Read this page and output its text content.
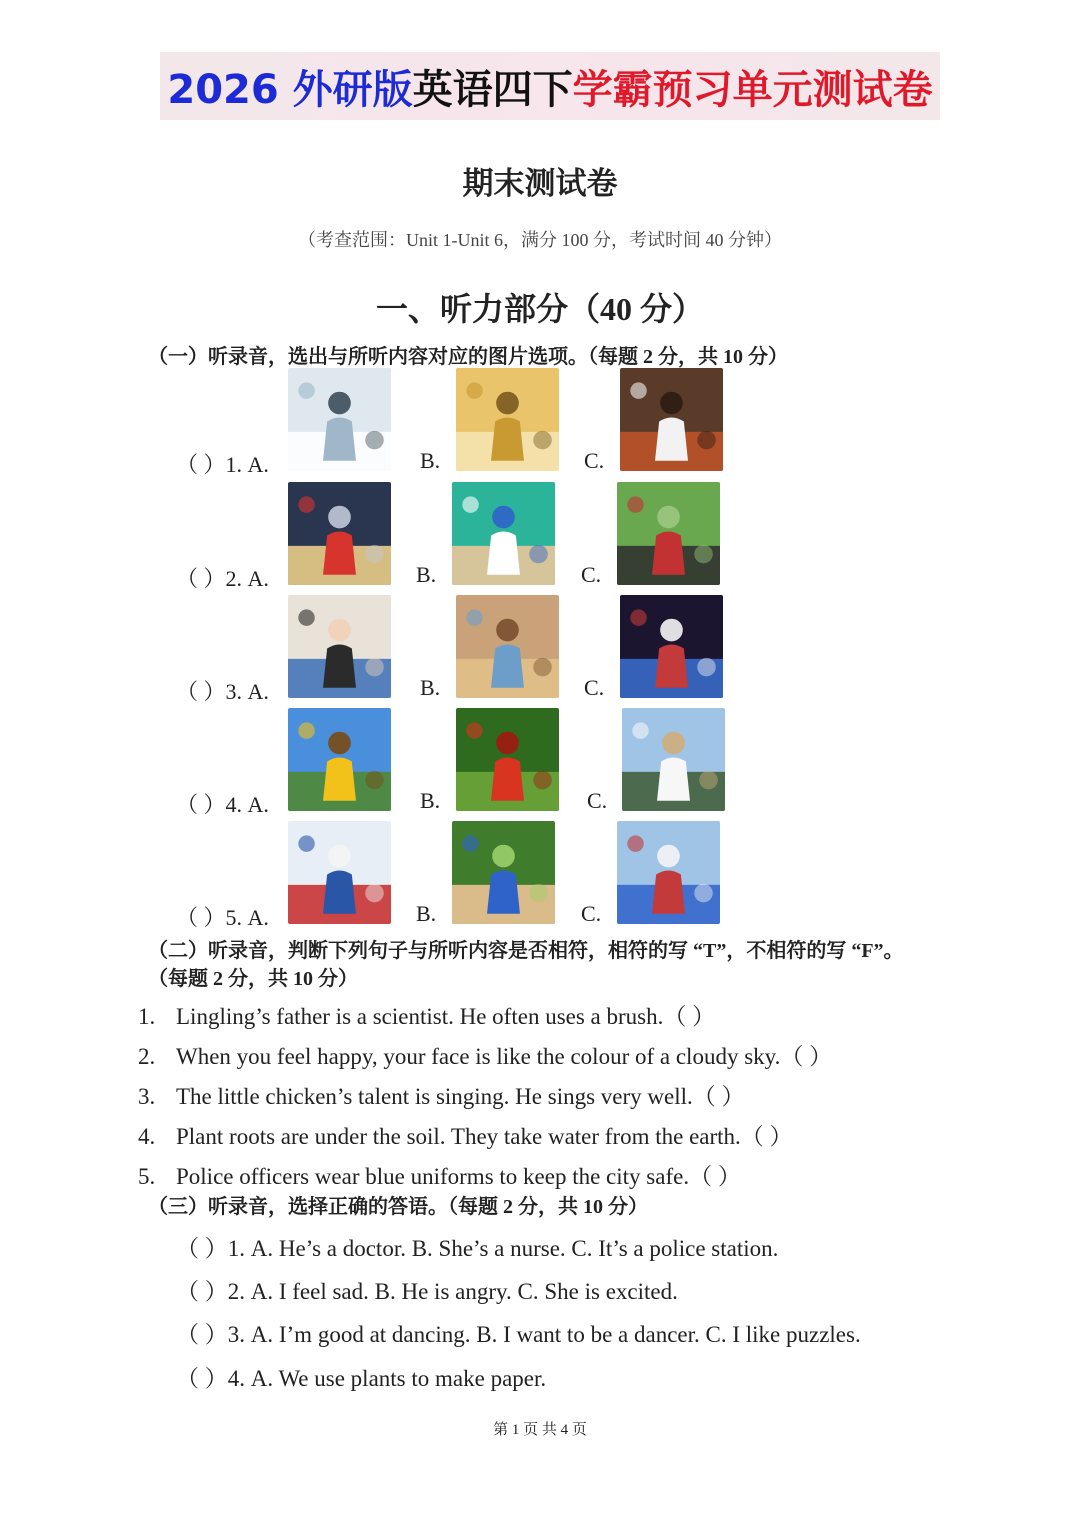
2026 外研版 英语四下 学霸预习单元测试卷
期末测试卷
（考查范围：Unit 1-Unit 6，满分 100 分，考试时间 40 分钟）
一、听力部分（40 分）
（一）听录音，选出与所听内容对应的图片选项。（每题 2 分，共 10 分）
（ ）1. A.	B.	C.
（ ）2. A.	B.	C.
（ ）3. A.	B.	C.
（ ）4. A.	B.	C.
（ ）5. A.	B.	C.
（二）听录音，判断下列句子与所听内容是否相符，相符的写 “T”，不相符的写 “F”。
（每题 2 分，共 10 分）
1. Lingling’s father is a scientist. He often uses a brush.（ ）
2. When you feel happy, your face is like the colour of a cloudy sky.（ ）
3. The little chicken’s talent is singing. He sings very well.（ ）
4. Plant roots are under the soil. They take water from the earth.（ ）
5. Police officers wear blue uniforms to keep the city safe.（ ）
（三）听录音，选择正确的答语。（每题 2 分，共 10 分）
（ ）1. A. He’s a doctor. B. She’s a nurse. C. It’s a police station.
（ ）2. A. I feel sad. B. He is angry. C. She is excited.
（ ）3. A. I’m good at dancing. B. I want to be a dancer. C. I like puzzles.
（ ）4. A. We use plants to make paper.
第 1 页 共 4 页
